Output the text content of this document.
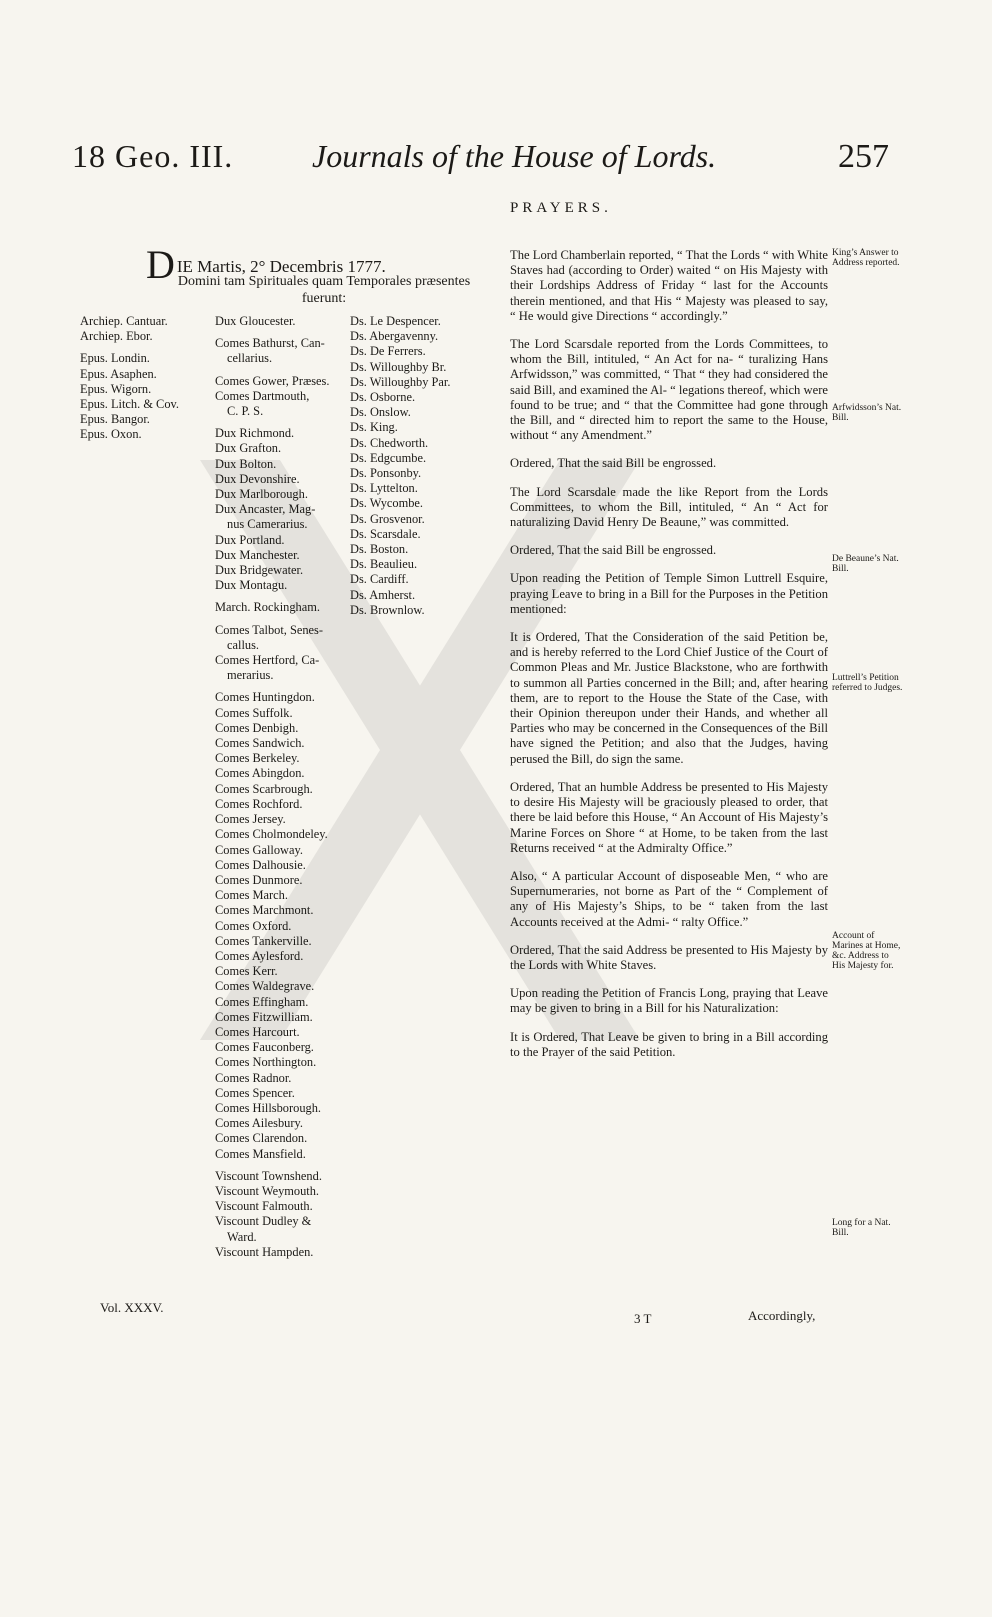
18 Geo. III. Journals of the House of Lords.	257
PRAYERS.
DIE Martis, 2° Decembris 1777.
Domini tam Spirituales quam Temporales præsentes fuerunt:
Archiep. Cantuar.
Archiep. Ebor.
Epus. Londin.
Epus. Asaphen.
Epus. Wigorn.
Epus. Litch. & Cov.
Epus. Bangor.
Epus. Oxon.
Dux Gloucester.
Comes Bathurst, Can-
cellarius.
Comes Gower, Præses.
Comes Dartmouth,
C. P. S.
Dux Richmond.
Dux Grafton.
Dux Bolton.
Dux Devonshire.
Dux Marlborough.
Dux Ancaster, Mag-
nus Camerarius.
Dux Portland.
Dux Manchester.
Dux Bridgewater.
Dux Montagu.
March. Rockingham.
Comes Talbot, Senes-
callus.
Comes Hertford, Ca-
merarius.
Comes Huntingdon.
Comes Suffolk.
Comes Denbigh.
Comes Sandwich.
Comes Berkeley.
Comes Abingdon.
Comes Scarbrough.
Comes Rochford.
Comes Jersey.
Comes Cholmondeley.
Comes Galloway.
Comes Dalhousie.
Comes Dunmore.
Comes March.
Comes Marchmont.
Comes Oxford.
Comes Tankerville.
Comes Aylesford.
Comes Kerr.
Comes Waldegrave.
Comes Effingham.
Comes Fitzwilliam.
Comes Harcourt.
Comes Fauconberg.
Comes Northington.
Comes Radnor.
Comes Spencer.
Comes Hillsborough.
Comes Ailesbury.
Comes Clarendon.
Comes Mansfield.
Viscount Townshend.
Viscount Weymouth.
Viscount Falmouth.
Viscount Dudley &
Ward.
Viscount Hampden.
Ds. Le Despencer.
Ds. Abergavenny.
Ds. De Ferrers.
Ds. Willoughby Br.
Ds. Willoughby Par.
Ds. Osborne.
Ds. Onslow.
Ds. King.
Ds. Chedworth.
Ds. Edgcumbe.
Ds. Ponsonby.
Ds. Lyttelton.
Ds. Wycombe.
Ds. Grosvenor.
Ds. Scarsdale.
Ds. Boston.
Ds. Beaulieu.
Ds. Cardiff.
Ds. Amherst.
Ds. Brownlow.
Vol. XXXV.
The Lord Chamberlain reported, “ That the Lords “ with White Staves had (according to Order) waited “ on His Majesty with their Lordships Address of Friday “ last for the Accounts therein mentioned, and that His “ Majesty was pleased to say, “ He would give Directions “ accordingly.”
The Lord Scarsdale reported from the Lords Committees, to whom the Bill, intituled, “ An Act for na- “ turalizing Hans Arfwidsson,” was committed, “ That “ they had considered the said Bill, and examined the Al- “ legations thereof, which were found to be true; and “ that the Committee had gone through the Bill, and “ directed him to report the same to the House, without “ any Amendment.”
Ordered, That the said Bill be engrossed.
The Lord Scarsdale made the like Report from the Lords Committees, to whom the Bill, intituled, “ An “ Act for naturalizing David Henry De Beaune,” was committed.
Ordered, That the said Bill be engrossed.
Upon reading the Petition of Temple Simon Luttrell Esquire, praying Leave to bring in a Bill for the Purposes in the Petition mentioned:
It is Ordered, That the Consideration of the said Petition be, and is hereby referred to the Lord Chief Justice of the Court of Common Pleas and Mr. Justice Blackstone, who are forthwith to summon all Parties concerned in the Bill; and, after hearing them, are to report to the House the State of the Case, with their Opinion thereupon under their Hands, and whether all Parties who may be concerned in the Consequences of the Bill have signed the Petition; and also that the Judges, having perused the Bill, do sign the same.
Ordered, That an humble Address be presented to His Majesty to desire His Majesty will be graciously pleased to order, that there be laid before this House, “ An Account of His Majesty’s Marine Forces on Shore “ at Home, to be taken from the last Returns received “ at the Admiralty Office.”
Also, “ A particular Account of disposeable Men, “ who are Supernumeraries, not borne as Part of the “ Complement of any of His Majesty’s Ships, to be “ taken from the last Accounts received at the Admi- “ ralty Office.”
Ordered, That the said Address be presented to His Majesty by the Lords with White Staves.
Upon reading the Petition of Francis Long, praying that Leave may be given to bring in a Bill for his Naturalization:
It is Ordered, That Leave be given to bring in a Bill according to the Prayer of the said Petition.
King’s Answer to Address reported.
Arfwidsson’s Nat. Bill.
De Beaune’s Nat. Bill.
Luttrell’s Petition referred to Judges.
Account of Marines at Home, &c. Address to His Majesty for.
Long for a Nat. Bill.
3 T	Accordingly,
